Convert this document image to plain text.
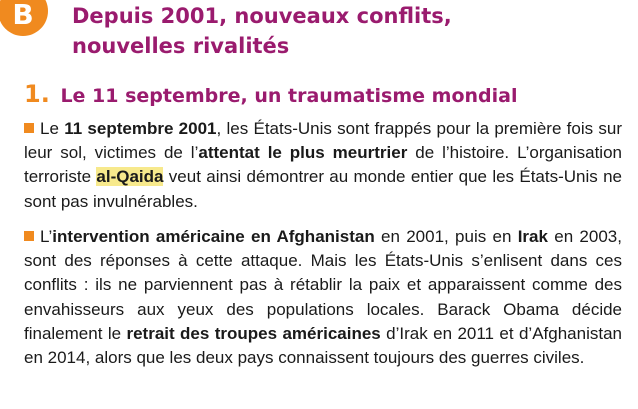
B	Depuis 2001, nouveaux conflits,
nouvelles rivalités
1. Le 11 septembre, un traumatisme mondial

Le 11 septembre 2001, les États-Unis sont frappés pour la première fois sur leur sol, victimes de l’attentat le plus meurtrier de l’histoire. L’organisation terroriste al-Qaida veut ainsi démontrer au monde entier que les États-Unis ne sont pas invulnérables.

L’intervention américaine en Afghanistan en 2001, puis en Irak en 2003, sont des réponses à cette attaque. Mais les États-Unis s’enlisent dans ces conflits : ils ne parviennent pas à rétablir la paix et apparaissent comme des envahisseurs aux yeux des populations locales. Barack Obama décide finalement le retrait des troupes américaines d’Irak en 2011 et d’Afghanistan en 2014, alors que les deux pays connaissent toujours des guerres civiles.
